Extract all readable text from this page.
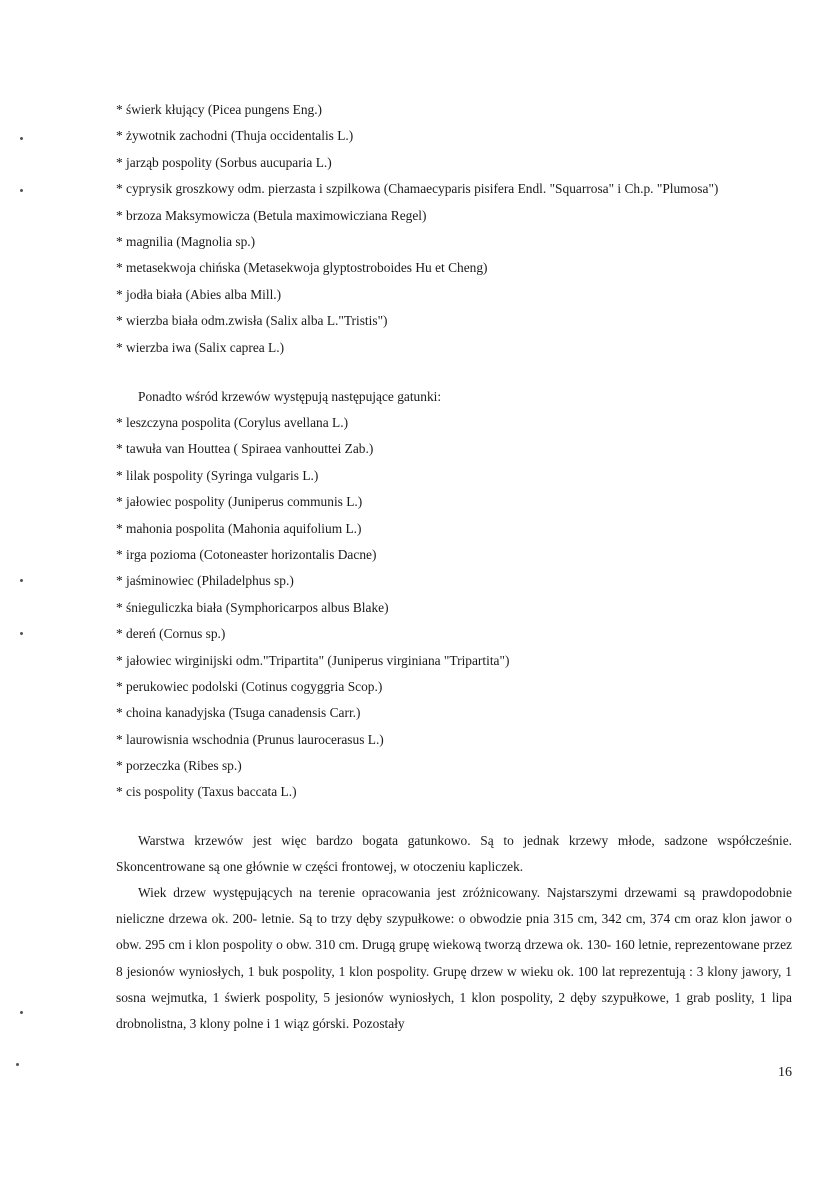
* świerk kłujący (Picea pungens Eng.)
* żywotnik zachodni (Thuja occidentalis L.)
* jarząb pospolity (Sorbus aucuparia L.)
* cyprysik groszkowy odm. pierzasta i szpilkowa (Chamaecyparis pisifera Endl. "Squarrosa" i Ch.p. "Plumosa")
* brzoza Maksymowicza (Betula maximowicziana Regel)
* magnilia (Magnolia sp.)
* metasekwoja chińska (Metasekwoja glyptostroboides Hu et Cheng)
* jodła biała (Abies alba Mill.)
* wierzba biała odm.zwisła (Salix alba L."Tristis")
* wierzba iwa (Salix caprea L.)

Ponadto wśród krzewów występują następujące gatunki:

* leszczyna pospolita (Corylus avellana L.)
* tawuła van Houttea ( Spiraea vanhouttei Zab.)
* lilak pospolity (Syringa vulgaris L.)
* jałowiec pospolity (Juniperus communis L.)
* mahonia pospolita (Mahonia aquifolium L.)
* irga pozioma (Cotoneaster horizontalis Dacne)
* jaśminowiec (Philadelphus sp.)
* śnieguliczka biała (Symphoricarpos albus Blake)
* dereń (Cornus sp.)
* jałowiec wirginijski odm."Tripartita" (Juniperus virginiana "Tripartita")
* perukowiec podolski (Cotinus cogyggria Scop.)
* choina kanadyjska (Tsuga canadensis Carr.)
* laurowisnia wschodnia (Prunus laurocerasus L.)
* porzeczka (Ribes sp.)
* cis pospolity (Taxus baccata L.)

Warstwa krzewów jest więc bardzo bogata gatunkowo. Są to jednak krzewy młode, sadzone współcześnie. Skoncentrowane są one głównie w części frontowej, w otoczeniu kapliczek.

Wiek drzew występujących na terenie opracowania jest zróżnicowany. Najstarszymi drzewami są prawdopodobnie nieliczne drzewa ok. 200- letnie. Są to trzy dęby szypułkowe: o obwodzie pnia 315 cm, 342 cm, 374 cm oraz klon jawor o obw. 295 cm i klon pospolity o obw. 310 cm. Drugą grupę wiekową tworzą drzewa ok. 130- 160 letnie, reprezentowane przez 8 jesionów wyniosłych, 1 buk pospolity, 1 klon pospolity. Grupę drzew w wieku ok. 100 lat reprezentują : 3 klony jawory, 1 sosna wejmutka, 1 świerk pospolity, 5 jesionów wyniosłych, 1 klon pospolity, 2 dęby szypułkowe, 1 grab poslity, 1 lipa drobnolistna, 3 klony polne i 1 wiąz górski. Pozostały

16
